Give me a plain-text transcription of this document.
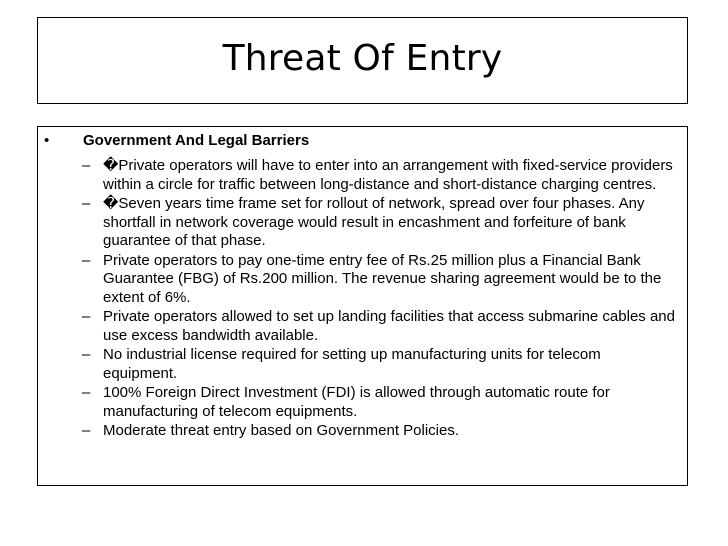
Threat Of Entry
• Government And Legal Barriers
– �Private operators will have to enter into an arrangement with fixed-service providers within a circle for traffic between long-distance and short-distance charging centres.
– �Seven years time frame set for rollout of network, spread over four phases. Any shortfall in network coverage would result in encashment and forfeiture of bank guarantee of that phase.
– Private operators to pay one-time entry fee of Rs.25 million plus a Financial Bank Guarantee (FBG) of Rs.200 million. The revenue sharing agreement would be to the extent of 6%.
– Private operators allowed to set up landing facilities that access submarine cables and use excess bandwidth available.
– No industrial license required for setting up manufacturing units for telecom equipment.
– 100% Foreign Direct Investment (FDI) is allowed through automatic route for manufacturing of telecom equipments.
– Moderate threat entry based on Government Policies.
